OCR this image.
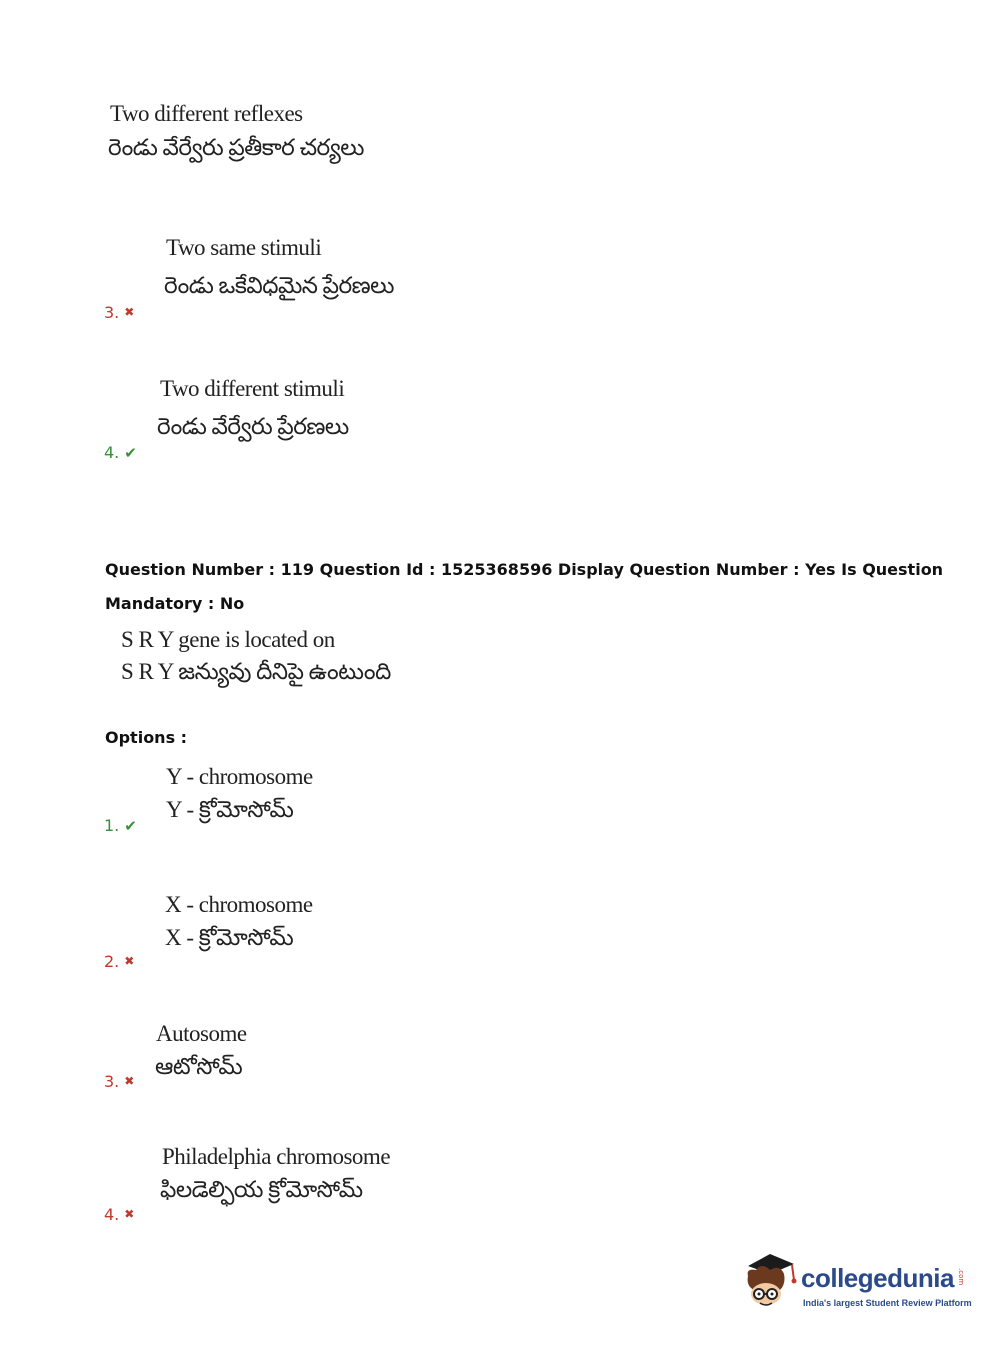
Two different reflexes
రెండు వేర్వేరు ప్రతీకార చర్యలు
Two same stimuli
రెండు ఒకేవిధమైన ప్రేరణలు
3. ✖
Two different stimuli
రెండు వేర్వేరు ప్రేరణలు
4. ✔
Question Number : 119 Question Id : 1525368596 Display Question Number : Yes Is Question
Mandatory : No
S R Y gene is located on
S R Y జన్యువు దీనిపై ఉంటుంది
Options :
Y - chromosome
Y - క్రోమోసోమ్
1. ✔
X - chromosome
X - క్రోమోసోమ్
2. ✖
Autosome
ఆటోసోమ్
3. ✖
Philadelphia chromosome
ఫిలడెల్ఫియ క్రోమోసోమ్
4. ✖
collegedunia .com
India's largest Student Review Platform
